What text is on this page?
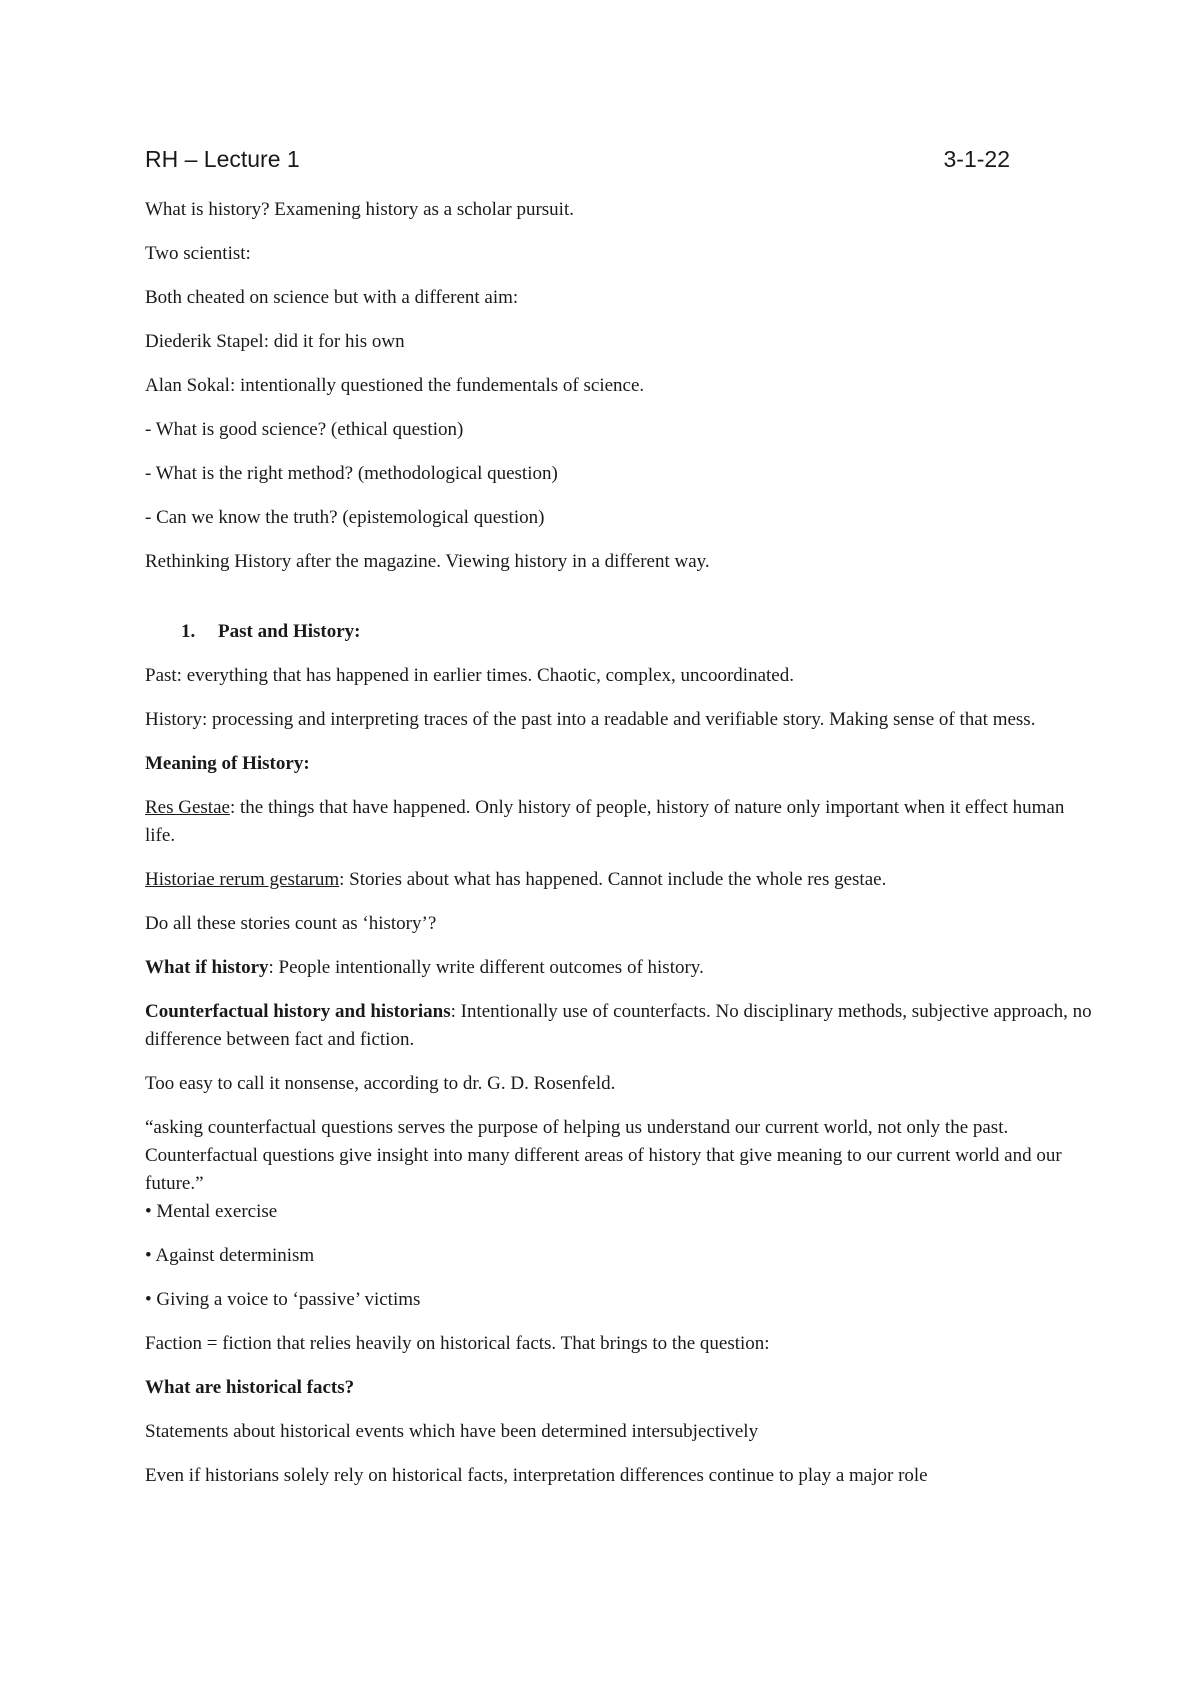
RH – Lecture 1	3-1-22

What is history? Examening history as a scholar pursuit.

Two scientist:

Both cheated on science but with a different aim:

Diederik Stapel: did it for his own

Alan Sokal: intentionally questioned the fundementals of science.

- What is good science? (ethical question)

- What is the right method? (methodological question)

- Can we know the truth? (epistemological question)

Rethinking History after the magazine. Viewing history in a different way.

1.	Past and History:

Past: everything that has happened in earlier times. Chaotic, complex, uncoordinated.

History: processing and interpreting traces of the past into a readable and verifiable story. Making sense of that mess.

Meaning of History:

Res Gestae: the things that have happened. Only history of people, history of nature only important when it effect human life.

Historiae rerum gestarum: Stories about what has happened. Cannot include the whole res gestae.

Do all these stories count as ‘history’?

What if history: People intentionally write different outcomes of history.

Counterfactual history and historians: Intentionally use of counterfacts. No disciplinary methods, subjective approach, no difference between fact and fiction.

Too easy to call it nonsense, according to dr. G. D. Rosenfeld.

“asking counterfactual questions serves the purpose of helping us understand our current world, not only the past. Counterfactual questions give insight into many different areas of history that give meaning to our current world and our future.”

• Mental exercise

• Against determinism

• Giving a voice to ‘passive’ victims

Faction = fiction that relies heavily on historical facts. That brings to the question:

What are historical facts?

Statements about historical events which have been determined intersubjectively

Even if historians solely rely on historical facts, interpretation differences continue to play a major role
